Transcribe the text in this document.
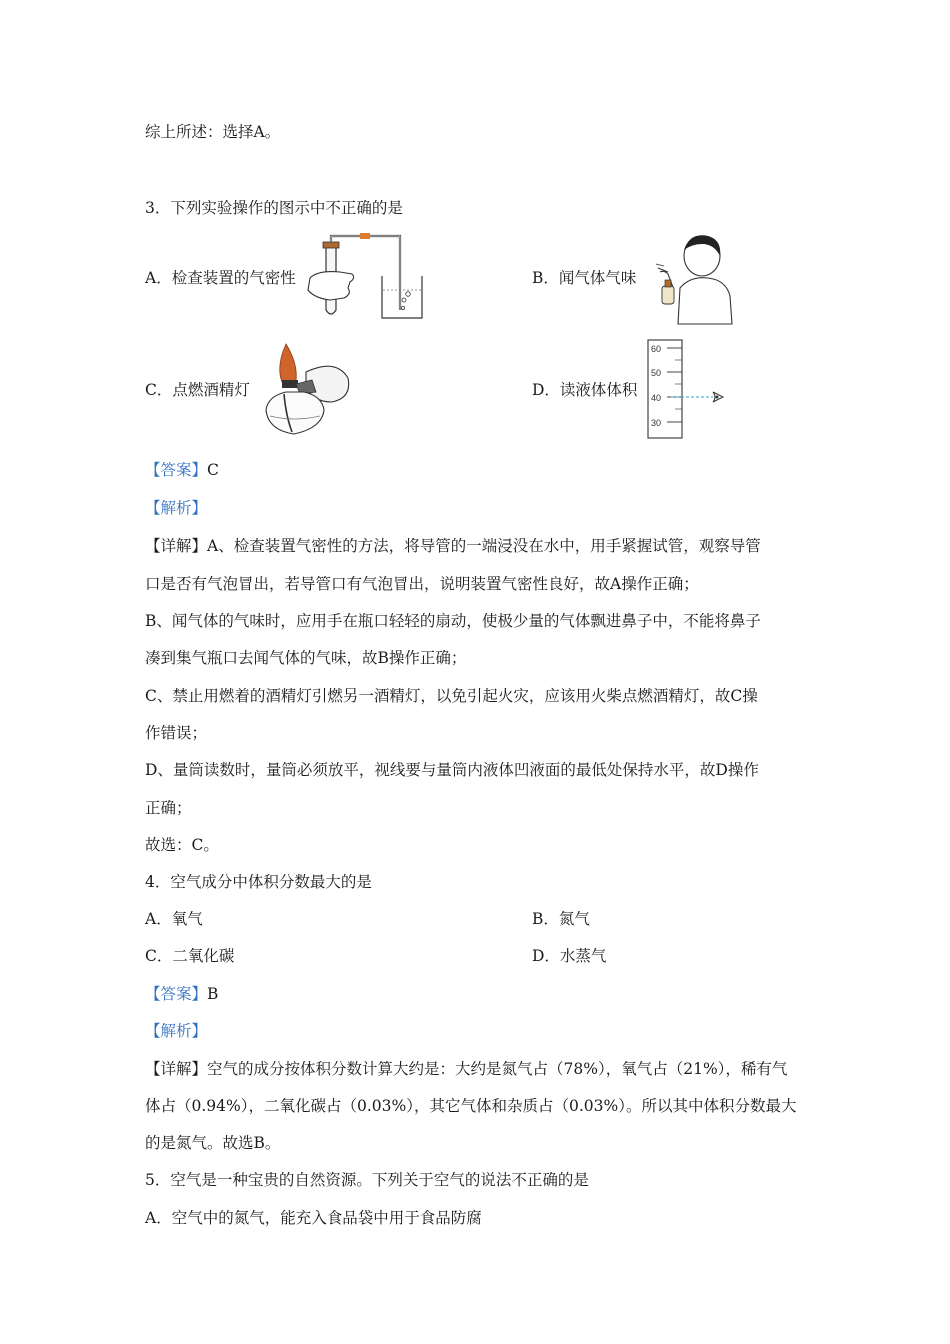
综上所述：选择A。
3．下列实验操作的图示中不正确的是
A．检查装置的气密性	B．闻气体气味
C．点燃酒精灯	D．读液体体积
60
50
40
30
【答案】C
【解析】
【详解】A、检查装置气密性的方法，将导管的一端浸没在水中，用手紧握试管，观察导管
口是否有气泡冒出，若导管口有气泡冒出，说明装置气密性良好，故A操作正确；
B、闻气体的气味时，应用手在瓶口轻轻的扇动，使极少量的气体飘进鼻子中，不能将鼻子
凑到集气瓶口去闻气体的气味，故B操作正确；
C、禁止用燃着的酒精灯引燃另一酒精灯，以免引起火灾，应该用火柴点燃酒精灯，故C操
作错误；
D、量筒读数时，量筒必须放平，视线要与量筒内液体凹液面的最低处保持水平，故D操作
正确；
故选：C。
4．空气成分中体积分数最大的是
A．氧气	B．氮气
C．二氧化碳	D．水蒸气
【答案】B
【解析】
【详解】空气的成分按体积分数计算大约是：大约是氮气占（78%），氧气占（21%），稀有气
体占（0.94%），二氧化碳占（0.03%），其它气体和杂质占（0.03%）。所以其中体积分数最大
的是氮气。故选B。
5．空气是一种宝贵的自然资源。下列关于空气的说法不正确的是
A．空气中的氮气，能充入食品袋中用于食品防腐
